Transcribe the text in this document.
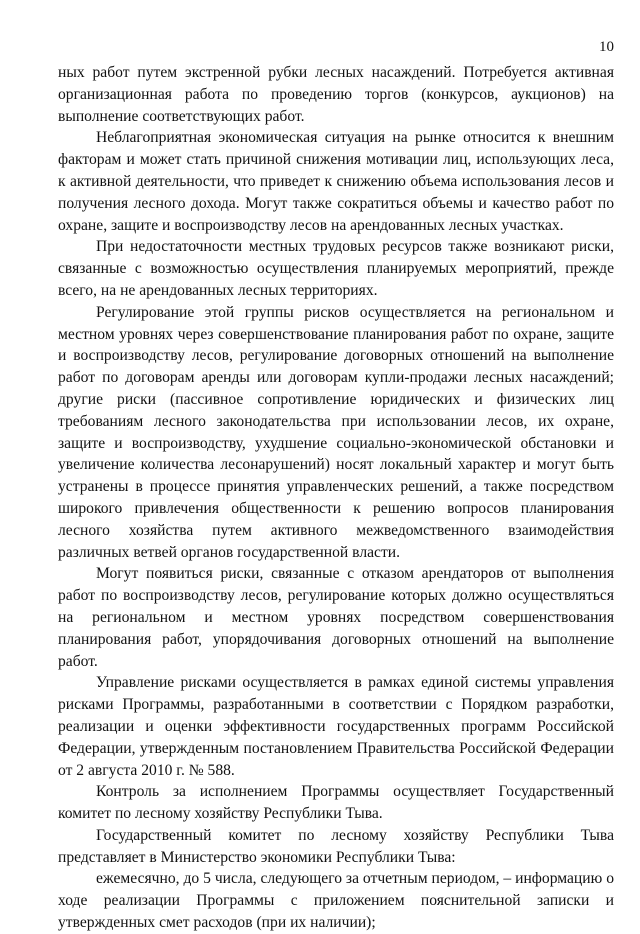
10

ных работ путем экстренной рубки лесных насаждений. Потребуется активная организационная работа по проведению торгов (конкурсов, аукционов) на выполнение соответствующих работ.

Неблагоприятная экономическая ситуация на рынке относится к внешним факторам и может стать причиной снижения мотивации лиц, использующих леса, к активной деятельности, что приведет к снижению объема использования лесов и получения лесного дохода. Могут также сократиться объемы и качество работ по охране, защите и воспроизводству лесов на арендованных лесных участках.

При недостаточности местных трудовых ресурсов также возникают риски, связанные с возможностью осуществления планируемых мероприятий, прежде всего, на не арендованных лесных территориях.

Регулирование этой группы рисков осуществляется на региональном и местном уровнях через совершенствование планирования работ по охране, защите и воспроизводству лесов, регулирование договорных отношений на выполнение работ по договорам аренды или договорам купли-продажи лесных насаждений; другие риски (пассивное сопротивление юридических и физических лиц требованиям лесного законодательства при использовании лесов, их охране, защите и воспроизводству, ухудшение социально-экономической обстановки и увеличение количества лесонарушений) носят локальный характер и могут быть устранены в процессе принятия управленческих решений, а также посредством широкого привлечения общественности к решению вопросов планирования лесного хозяйства путем активного межведомственного взаимодействия различных ветвей органов государственной власти.

Могут появиться риски, связанные с отказом арендаторов от выполнения работ по воспроизводству лесов, регулирование которых должно осуществляться на региональном и местном уровнях посредством совершенствования планирования работ, упорядочивания договорных отношений на выполнение работ.

Управление рисками осуществляется в рамках единой системы управления рисками Программы, разработанными в соответствии с Порядком разработки, реализации и оценки эффективности государственных программ Российской Федерации, утвержденным постановлением Правительства Российской Федерации от 2 августа 2010 г. № 588.

Контроль за исполнением Программы осуществляет Государственный комитет по лесному хозяйству Республики Тыва.

Государственный комитет по лесному хозяйству Республики Тыва представляет в Министерство экономики Республики Тыва:

ежемесячно, до 5 числа, следующего за отчетным периодом, – информацию о ходе реализации Программы с приложением пояснительной записки и утвержденных смет расходов (при их наличии);
